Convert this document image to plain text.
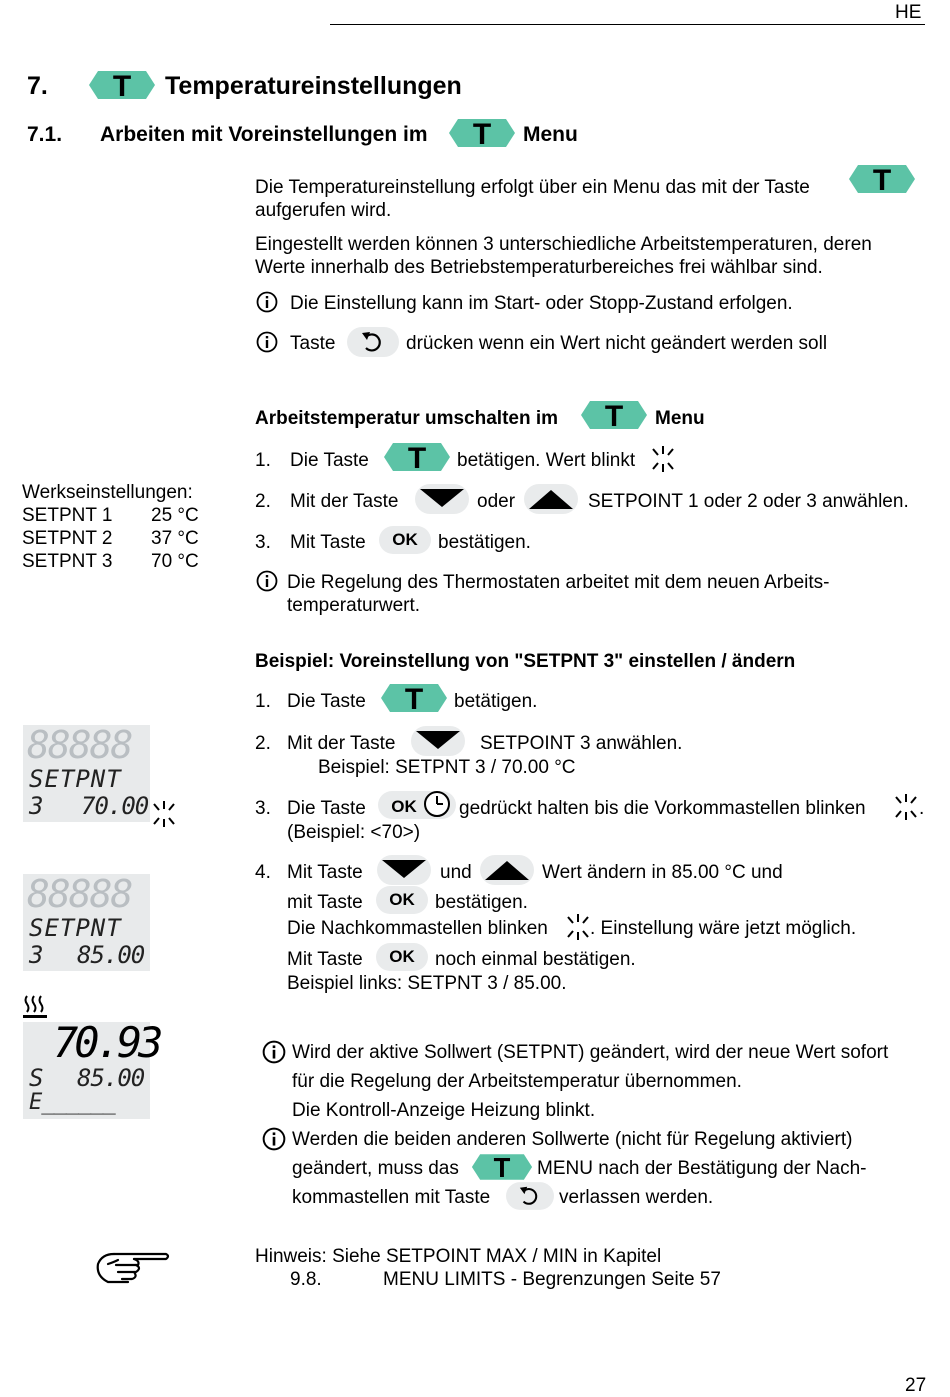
HE
7. T Temperatureinstellungen
7.1. Arbeiten mit Voreinstellungen im T Menu
Die Temperatureinstellung erfolgt über ein Menu das mit der Taste T
aufgerufen wird.
Eingestellt werden können 3 unterschiedliche Arbeitstemperaturen, deren
Werte innerhalb des Betriebstemperaturbereiches frei wählbar sind.
Die Einstellung kann im Start- oder Stopp-Zustand erfolgen.
Taste	drücken wenn ein Wert nicht geändert werden soll
Werkseinstellungen:
SETPNT 1 25 °C
SETPNT 2 37 °C
SETPNT 3 70 °C
Arbeitstemperatur umschalten im T Menu
1. Die Taste T betätigen. Wert blinkt
2. Mit der Taste	oder	SETPOINT 1 oder 2 oder 3 anwählen.
3. Mit Taste	OK	bestätigen.
Die Regelung des Thermostaten arbeitet mit dem neuen Arbeits-
temperaturwert.
Beispiel: Voreinstellung von "SETPNT 3" einstellen / ändern
1. Die Taste T betätigen.
2. Mit der Taste	SETPOINT 3 anwählen.
Beispiel: SETPNT 3 / 70.00 °C
3. Die Taste OK gedrückt halten bis die Vorkommastellen blinken	.
(Beispiel: <70>)
4. Mit Taste	und	Wert ändern in 85.00 °C und
mit Taste	OK	bestätigen.
Die Nachkommastellen blinken . Einstellung wäre jetzt möglich.
Mit Taste	OK	noch einmal bestätigen.
Beispiel links: SETPNT 3 / 85.00.
88888
SETPNT
3 70.00
88888
SETPNT
3 85.00
70.93
S 85.00
E______
Wird der aktive Sollwert (SETPNT) geändert, wird der neue Wert sofort
für die Regelung der Arbeitstemperatur übernommen.
Die Kontroll-Anzeige Heizung blinkt.
Werden die beiden anderen Sollwerte (nicht für Regelung aktiviert)
geändert, muss das T MENU nach der Bestätigung der Nach-
kommastellen mit Taste	verlassen werden.
Hinweis: Siehe SETPOINT MAX / MIN in Kapitel
9.8.	MENU LIMITS - Begrenzungen Seite 57
27
